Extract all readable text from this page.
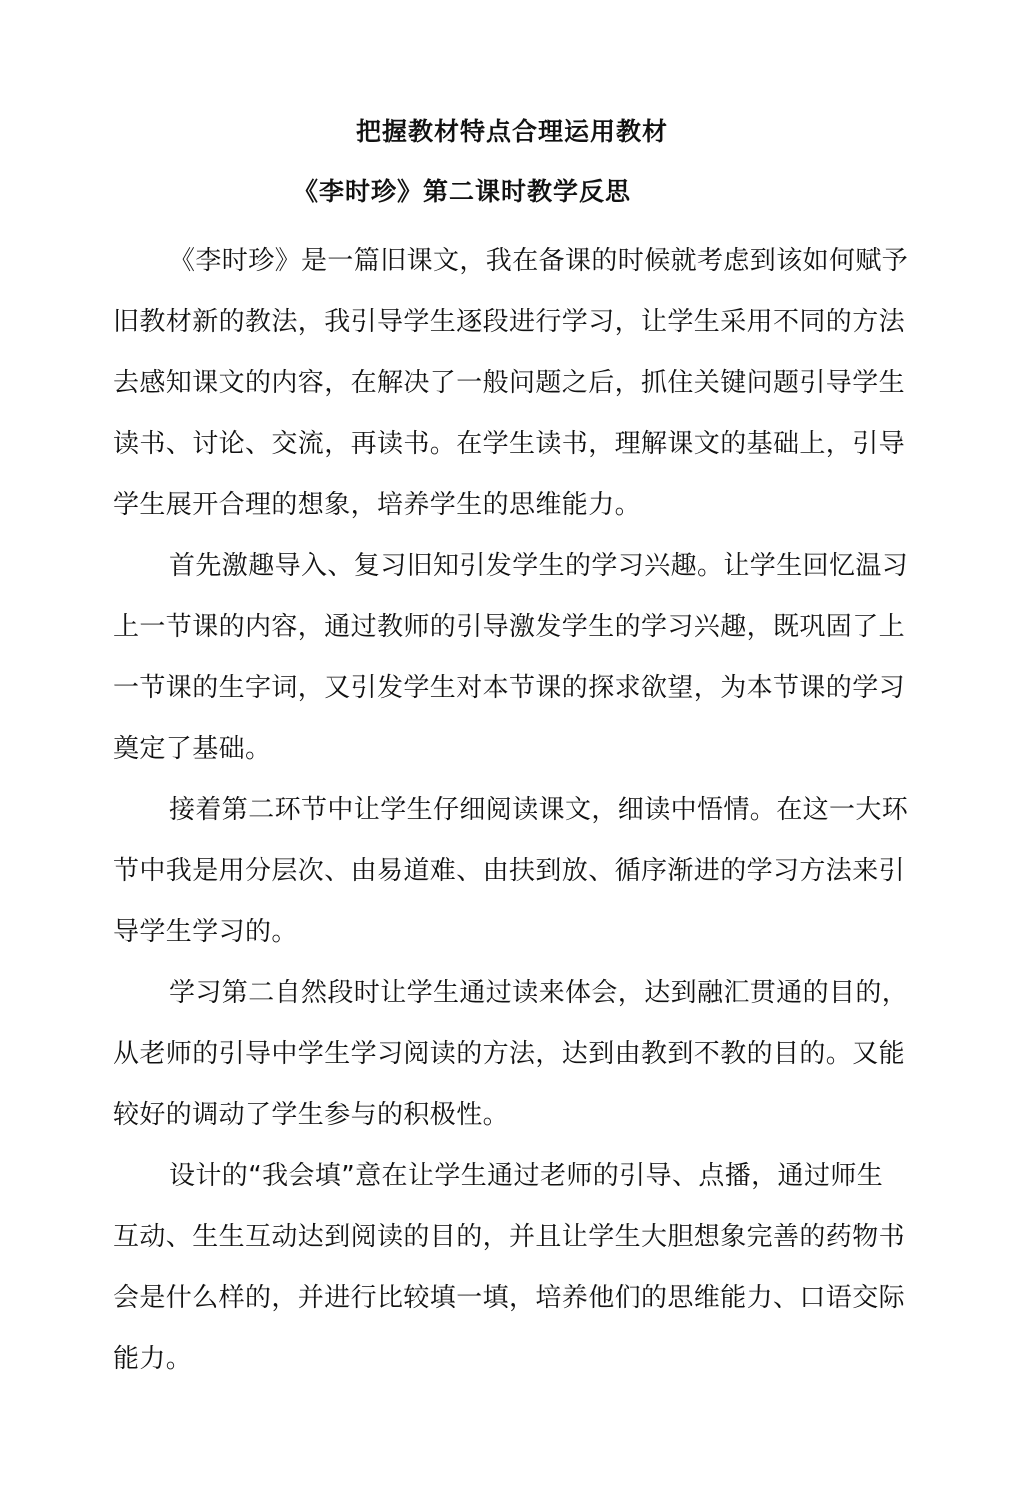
把握教材特点合理运用教材
《李时珍》第二课时教学反思

《李时珍》是一篇旧课文，我在备课的时候就考虑到该如何赋予
旧教材新的教法，我引导学生逐段进行学习，让学生采用不同的方法
去感知课文的内容，在解决了一般问题之后，抓住关键问题引导学生
读书、讨论、交流，再读书。在学生读书，理解课文的基础上，引导
学生展开合理的想象，培养学生的思维能力。

首先激趣导入、复习旧知引发学生的学习兴趣。让学生回忆温习
上一节课的内容，通过教师的引导激发学生的学习兴趣，既巩固了上
一节课的生字词，又引发学生对本节课的探求欲望，为本节课的学习
奠定了基础。

接着第二环节中让学生仔细阅读课文，细读中悟情。在这一大环
节中我是用分层次、由易道难、由扶到放、循序渐进的学习方法来引
导学生学习的。

学习第二自然段时让学生通过读来体会，达到融汇贯通的目的，
从老师的引导中学生学习阅读的方法，达到由教到不教的目的。又能
较好的调动了学生参与的积极性。

设计的“我会填”意在让学生通过老师的引导、点播，通过师生
互动、生生互动达到阅读的目的，并且让学生大胆想象完善的药物书
会是什么样的，并进行比较填一填，培养他们的思维能力、口语交际
能力。
